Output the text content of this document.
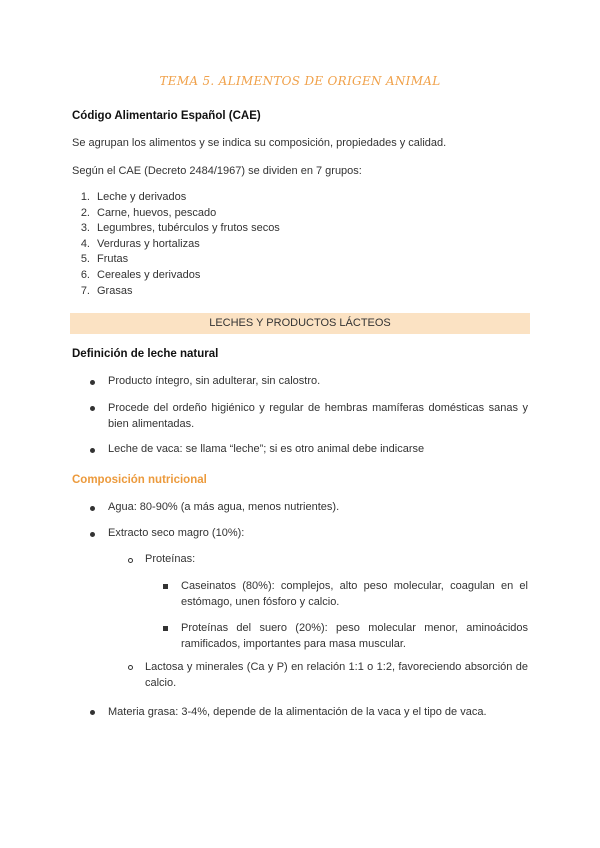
TEMA 5. ALIMENTOS DE ORIGEN ANIMAL
Código Alimentario Español (CAE)
Se agrupan los alimentos y se indica su composición, propiedades y calidad.
Según el CAE (Decreto 2484/1967) se dividen en 7 grupos:
1. Leche y derivados
2. Carne, huevos, pescado
3. Legumbres, tubérculos y frutos secos
4. Verduras y hortalizas
5. Frutas
6. Cereales y derivados
7. Grasas
LECHES Y PRODUCTOS LÁCTEOS
Definición de leche natural
Producto íntegro, sin adulterar, sin calostro.
Procede del ordeño higiénico y regular de hembras mamíferas domésticas sanas y bien alimentadas.
Leche de vaca: se llama “leche”; si es otro animal debe indicarse
Composición nutricional
Agua: 80-90% (a más agua, menos nutrientes).
Extracto seco magro (10%):
Proteínas:
Caseinatos (80%): complejos, alto peso molecular, coagulan en el estómago, unen fósforo y calcio.
Proteínas del suero (20%): peso molecular menor, aminoácidos ramificados, importantes para masa muscular.
Lactosa y minerales (Ca y P) en relación 1:1 o 1:2, favoreciendo absorción de calcio.
Materia grasa: 3-4%, depende de la alimentación de la vaca y el tipo de vaca.
